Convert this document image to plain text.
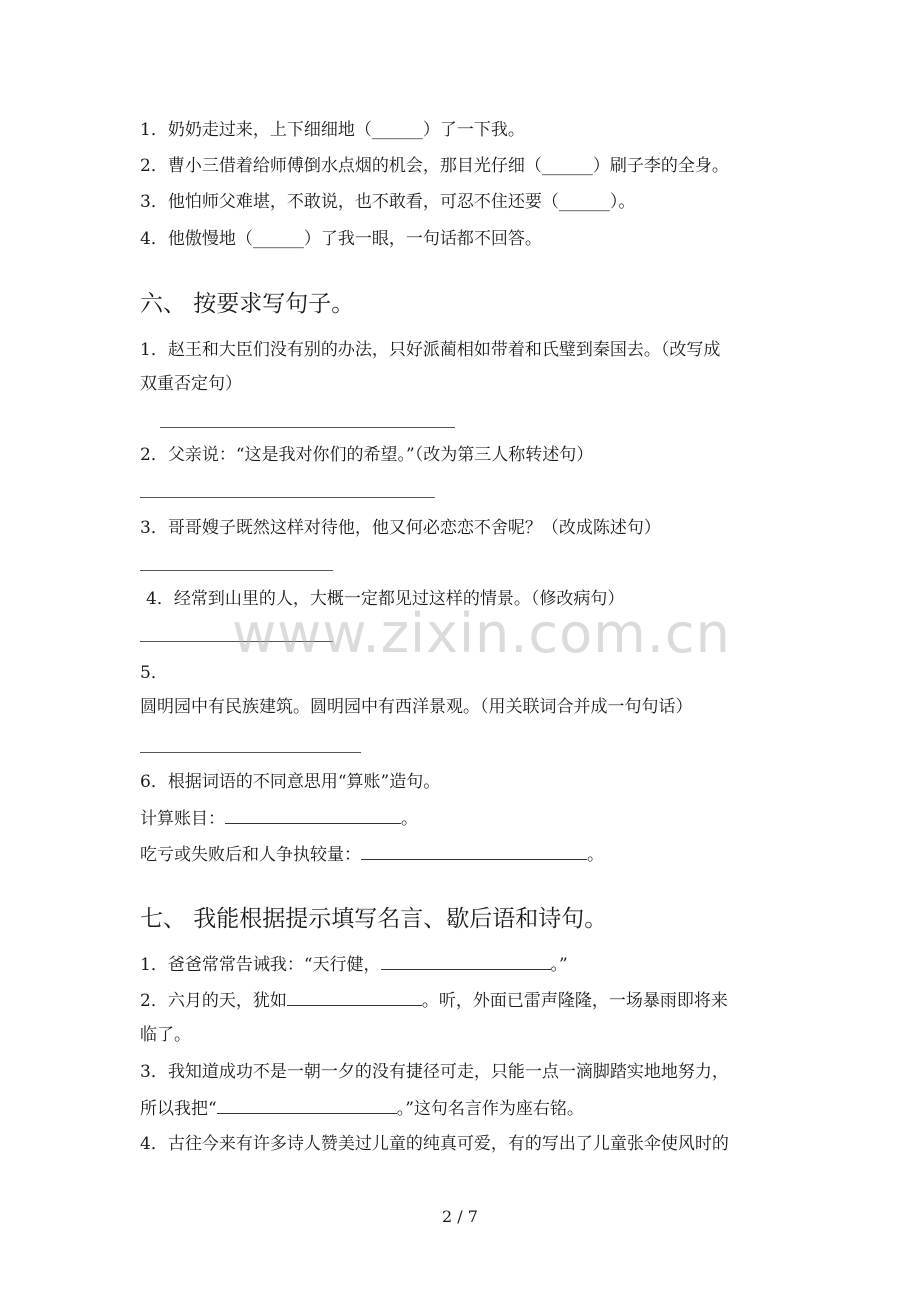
1．奶奶走过来，上下细细地（______）了一下我。
2．曹小三借着给师傅倒水点烟的机会，那目光仔细（______）刷子李的全身。
3．他怕师父难堪，不敢说，也不敢看，可忍不住还要（______）。
4．他傲慢地（______）了我一眼，一句话都不回答。
六、 按要求写句子。
1．赵王和大臣们没有别的办法，只好派蔺相如带着和氏璧到秦国去。（改写成
双重否定句）
2．父亲说：“这是我对你们的希望。”（改为第三人称转述句）
3．哥哥嫂子既然这样对待他，他又何必恋恋不舍呢？（改成陈述句）
4．经常到山里的人，大概一定都见过这样的情景。（修改病句）
5．
圆明园中有民族建筑。圆明园中有西洋景观。（用关联词合并成一句句话）
6．根据词语的不同意思用“算账”造句。
计算账目：	。
吃亏或失败后和人争执较量：	。
七、 我能根据提示填写名言、歇后语和诗句。
1．爸爸常常告诫我：“天行健，	。”
2．六月的天，犹如	。听，外面已雷声隆隆，一场暴雨即将来
临了。
3．我知道成功不是一朝一夕的没有捷径可走，只能一点一滴脚踏实地地努力，
所以我把“	。”这句名言作为座右铭。
4．古往今来有许多诗人赞美过儿童的纯真可爱，有的写出了儿童张伞使风时的
www.zixin.com.cn
2 / 7
